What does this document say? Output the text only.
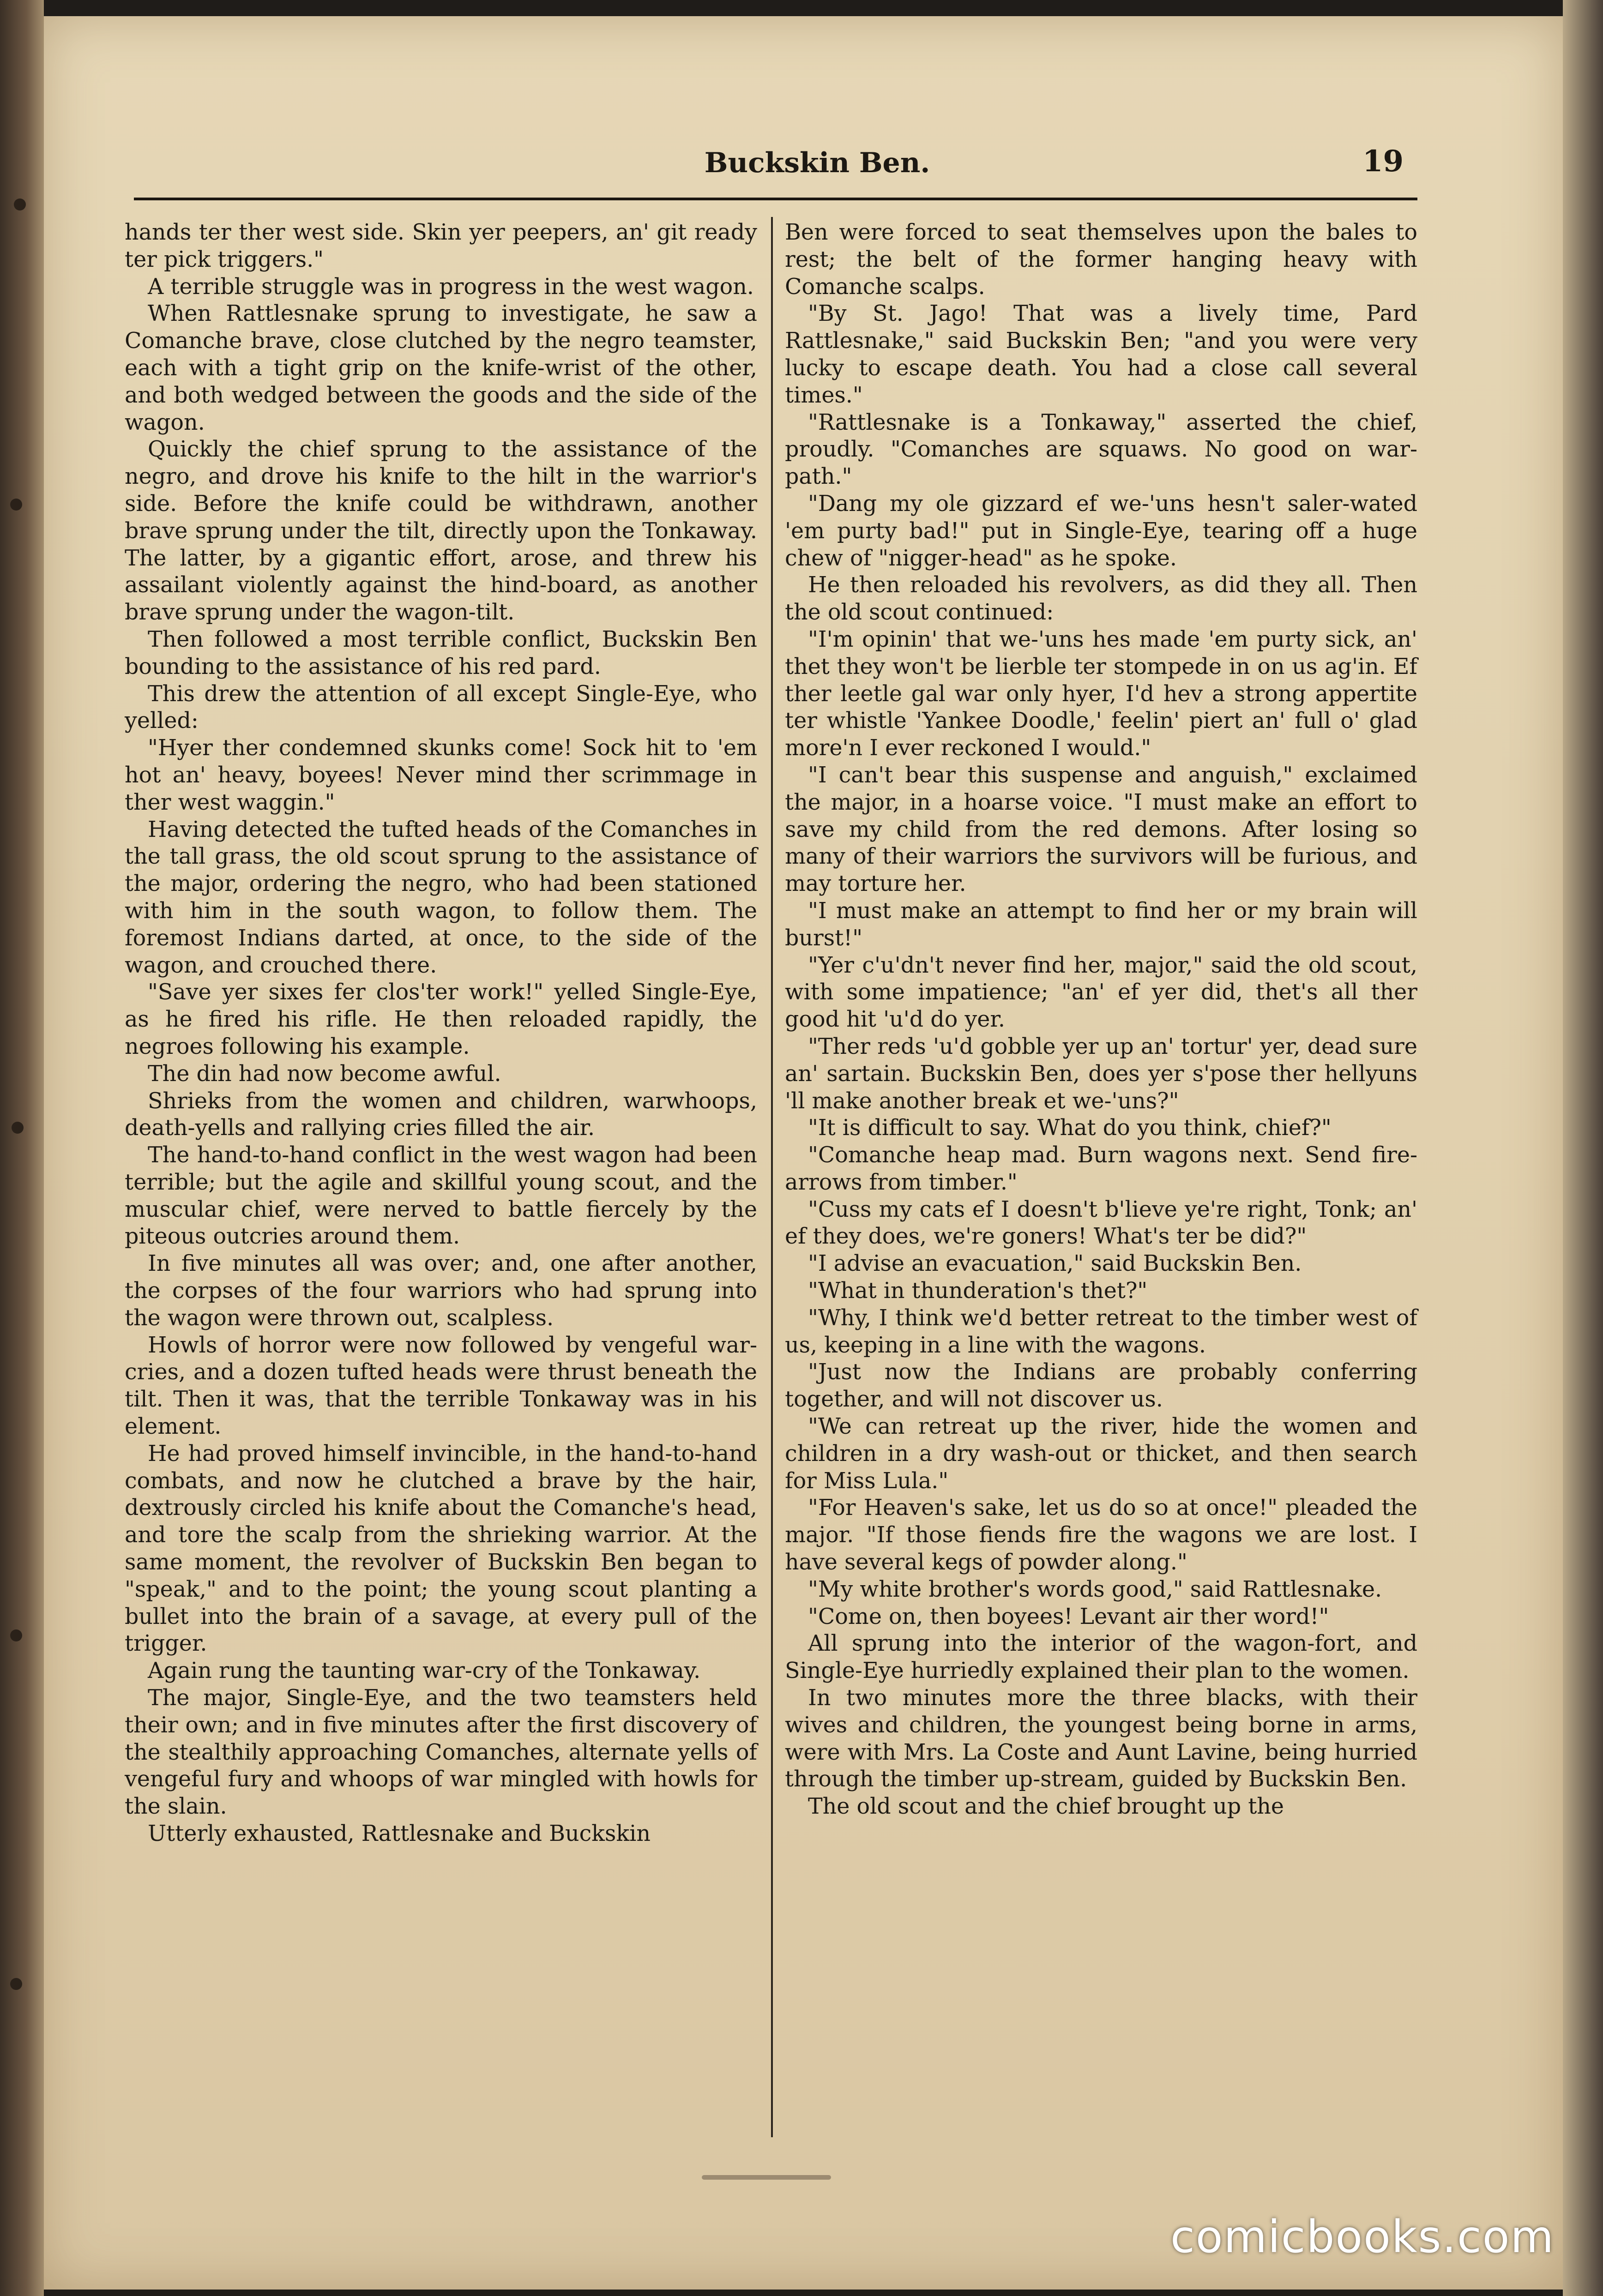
Buckskin Ben.	19

hands ter ther west side. Skin yer peepers, an' git ready ter pick triggers."

A terrible struggle was in progress in the west wagon.

When Rattlesnake sprung to investigate, he saw a Comanche brave, close clutched by the negro teamster, each with a tight grip on the knife-wrist of the other, and both wedged between the goods and the side of the wagon.

Quickly the chief sprung to the assistance of the negro, and drove his knife to the hilt in the warrior's side. Before the knife could be withdrawn, another brave sprung under the tilt, directly upon the Tonkaway. The latter, by a gigantic effort, arose, and threw his assailant violently against the hind-board, as another brave sprung under the wagon-tilt.

Then followed a most terrible conflict, Buckskin Ben bounding to the assistance of his red pard.

This drew the attention of all except Single-Eye, who yelled:

"Hyer ther condemned skunks come! Sock hit to 'em hot an' heavy, boyees! Never mind ther scrimmage in ther west waggin."

Having detected the tufted heads of the Comanches in the tall grass, the old scout sprung to the assistance of the major, ordering the negro, who had been stationed with him in the south wagon, to follow them. The foremost Indians darted, at once, to the side of the wagon, and crouched there.

"Save yer sixes fer clos'ter work!" yelled Single-Eye, as he fired his rifle. He then reloaded rapidly, the negroes following his example.

The din had now become awful.

Shrieks from the women and children, warwhoops, death-yells and rallying cries filled the air.

The hand-to-hand conflict in the west wagon had been terrible; but the agile and skillful young scout, and the muscular chief, were nerved to battle fiercely by the piteous outcries around them.

In five minutes all was over; and, one after another, the corpses of the four warriors who had sprung into the wagon were thrown out, scalpless.

Howls of horror were now followed by vengeful war-cries, and a dozen tufted heads were thrust beneath the tilt. Then it was, that the terrible Tonkaway was in his element.

He had proved himself invincible, in the hand-to-hand combats, and now he clutched a brave by the hair, dextrously circled his knife about the Comanche's head, and tore the scalp from the shrieking warrior. At the same moment, the revolver of Buckskin Ben began to "speak," and to the point; the young scout planting a bullet into the brain of a savage, at every pull of the trigger.

Again rung the taunting war-cry of the Tonkaway.

The major, Single-Eye, and the two teamsters held their own; and in five minutes after the first discovery of the stealthily approaching Comanches, alternate yells of vengeful fury and whoops of war mingled with howls for the slain.

Utterly exhausted, Rattlesnake and Buckskin

Ben were forced to seat themselves upon the bales to rest; the belt of the former hanging heavy with Comanche scalps.

"By St. Jago! That was a lively time, Pard Rattlesnake," said Buckskin Ben; "and you were very lucky to escape death. You had a close call several times."

"Rattlesnake is a Tonkaway," asserted the chief, proudly. "Comanches are squaws. No good on war-path."

"Dang my ole gizzard ef we-'uns hesn't saler-wated 'em purty bad!" put in Single-Eye, tearing off a huge chew of "nigger-head" as he spoke.

He then reloaded his revolvers, as did they all. Then the old scout continued:

"I'm opinin' that we-'uns hes made 'em purty sick, an' thet they won't be lierble ter stompede in on us ag'in. Ef ther leetle gal war only hyer, I'd hev a strong appertite ter whistle 'Yankee Doodle,' feelin' piert an' full o' glad more'n I ever reckoned I would."

"I can't bear this suspense and anguish," exclaimed the major, in a hoarse voice. "I must make an effort to save my child from the red demons. After losing so many of their warriors the survivors will be furious, and may torture her.

"I must make an attempt to find her or my brain will burst!"

"Yer c'u'dn't never find her, major," said the old scout, with some impatience; "an' ef yer did, thet's all ther good hit 'u'd do yer.

"Ther reds 'u'd gobble yer up an' tortur' yer, dead sure an' sartain. Buckskin Ben, does yer s'pose ther hellyuns 'll make another break et we-'uns?"

"It is difficult to say. What do you think, chief?"

"Comanche heap mad. Burn wagons next. Send fire-arrows from timber."

"Cuss my cats ef I doesn't b'lieve ye're right, Tonk; an' ef they does, we're goners! What's ter be did?"

"I advise an evacuation," said Buckskin Ben.

"What in thunderation's thet?"

"Why, I think we'd better retreat to the timber west of us, keeping in a line with the wagons.

"Just now the Indians are probably conferring together, and will not discover us.

"We can retreat up the river, hide the women and children in a dry wash-out or thicket, and then search for Miss Lula."

"For Heaven's sake, let us do so at once!" pleaded the major. "If those fiends fire the wagons we are lost. I have several kegs of powder along."

"My white brother's words good," said Rattlesnake.

"Come on, then boyees! Levant air ther word!"

All sprung into the interior of the wagon-fort, and Single-Eye hurriedly explained their plan to the women.

In two minutes more the three blacks, with their wives and children, the youngest being borne in arms, were with Mrs. La Coste and Aunt Lavine, being hurried through the timber up-stream, guided by Buckskin Ben.

The old scout and the chief brought up the

comicbooks.com
